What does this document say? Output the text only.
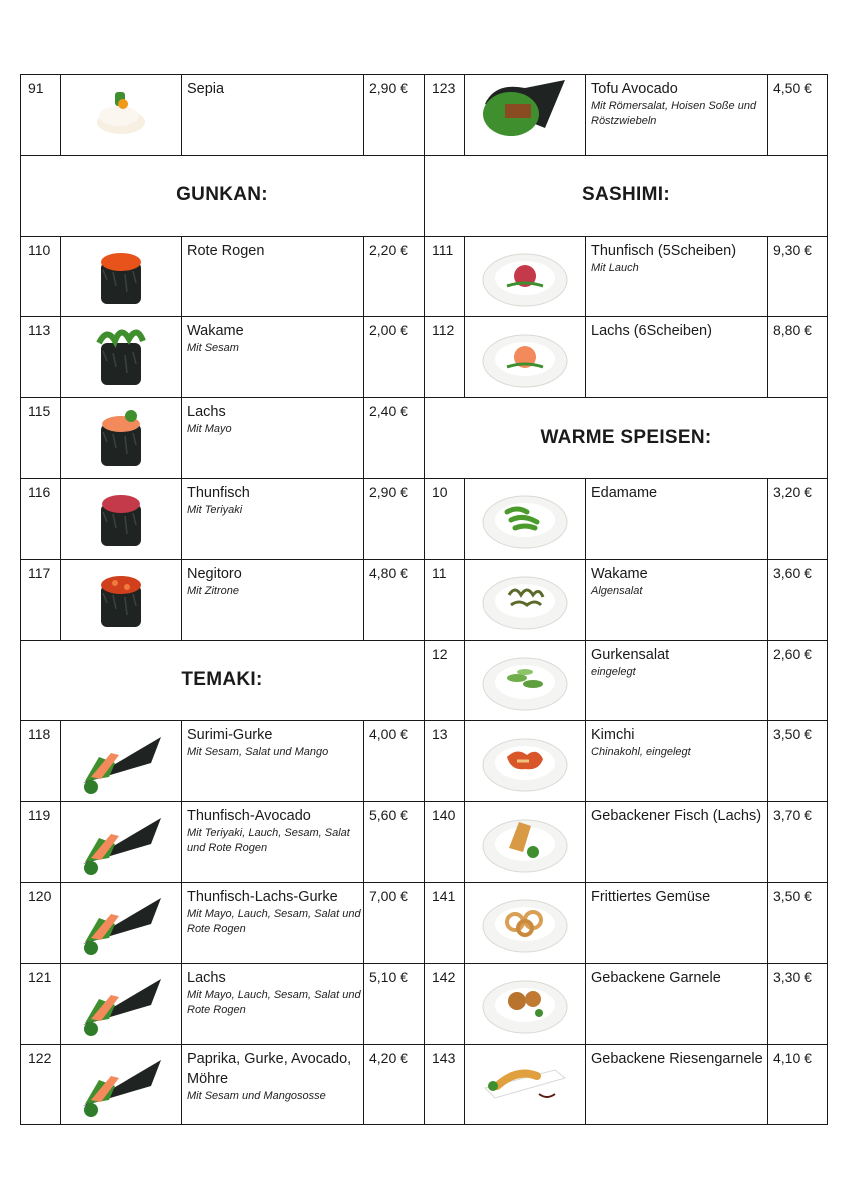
91	Sepia	2,90 €
GUNKAN:
110	Rote Rogen	2,20 €
113	Wakame
Mit Sesam
2,00 €
115	Lachs
Mit Mayo
2,40 €
116	Thunfisch
Mit Teriyaki
2,90 €
117	Negitoro
Mit Zitrone
4,80 €
TEMAKI:
118	Surimi-Gurke
Mit Sesam, Salat und Mango
4,00 €
119	Thunfisch-Avocado
Mit Teriyaki, Lauch, Sesam, Salat und Rote Rogen
5,60 €
120	Thunfisch-Lachs-Gurke
Mit Mayo, Lauch, Sesam, Salat und Rote Rogen
7,00 €
121	Lachs
Mit Mayo, Lauch, Sesam, Salat und Rote Rogen
5,10 €
122	Paprika, Gurke, Avocado, Möhre
Mit Sesam und Mangososse
4,20 €
123	Tofu Avocado
Mit Römersalat, Hoisen Soße und Röstzwiebeln
4,50 €
SASHIMI:
111	Thunfisch (5Scheiben)
Mit Lauch
9,30 €
112	Lachs (6Scheiben)	8,80 €
WARME SPEISEN:
10	Edamame	3,20 €
11	Wakame
Algensalat
3,60 €
12	Gurkensalat
eingelegt
2,60 €
13	Kimchi
Chinakohl, eingelegt
3,50 €
140	Gebackener Fisch (Lachs) 3,70 €
141	Frittiertes Gemüse	3,50 €
142	Gebackene Garnele	3,30 €
143	Gebackene Riesengarnele 4,10 €
